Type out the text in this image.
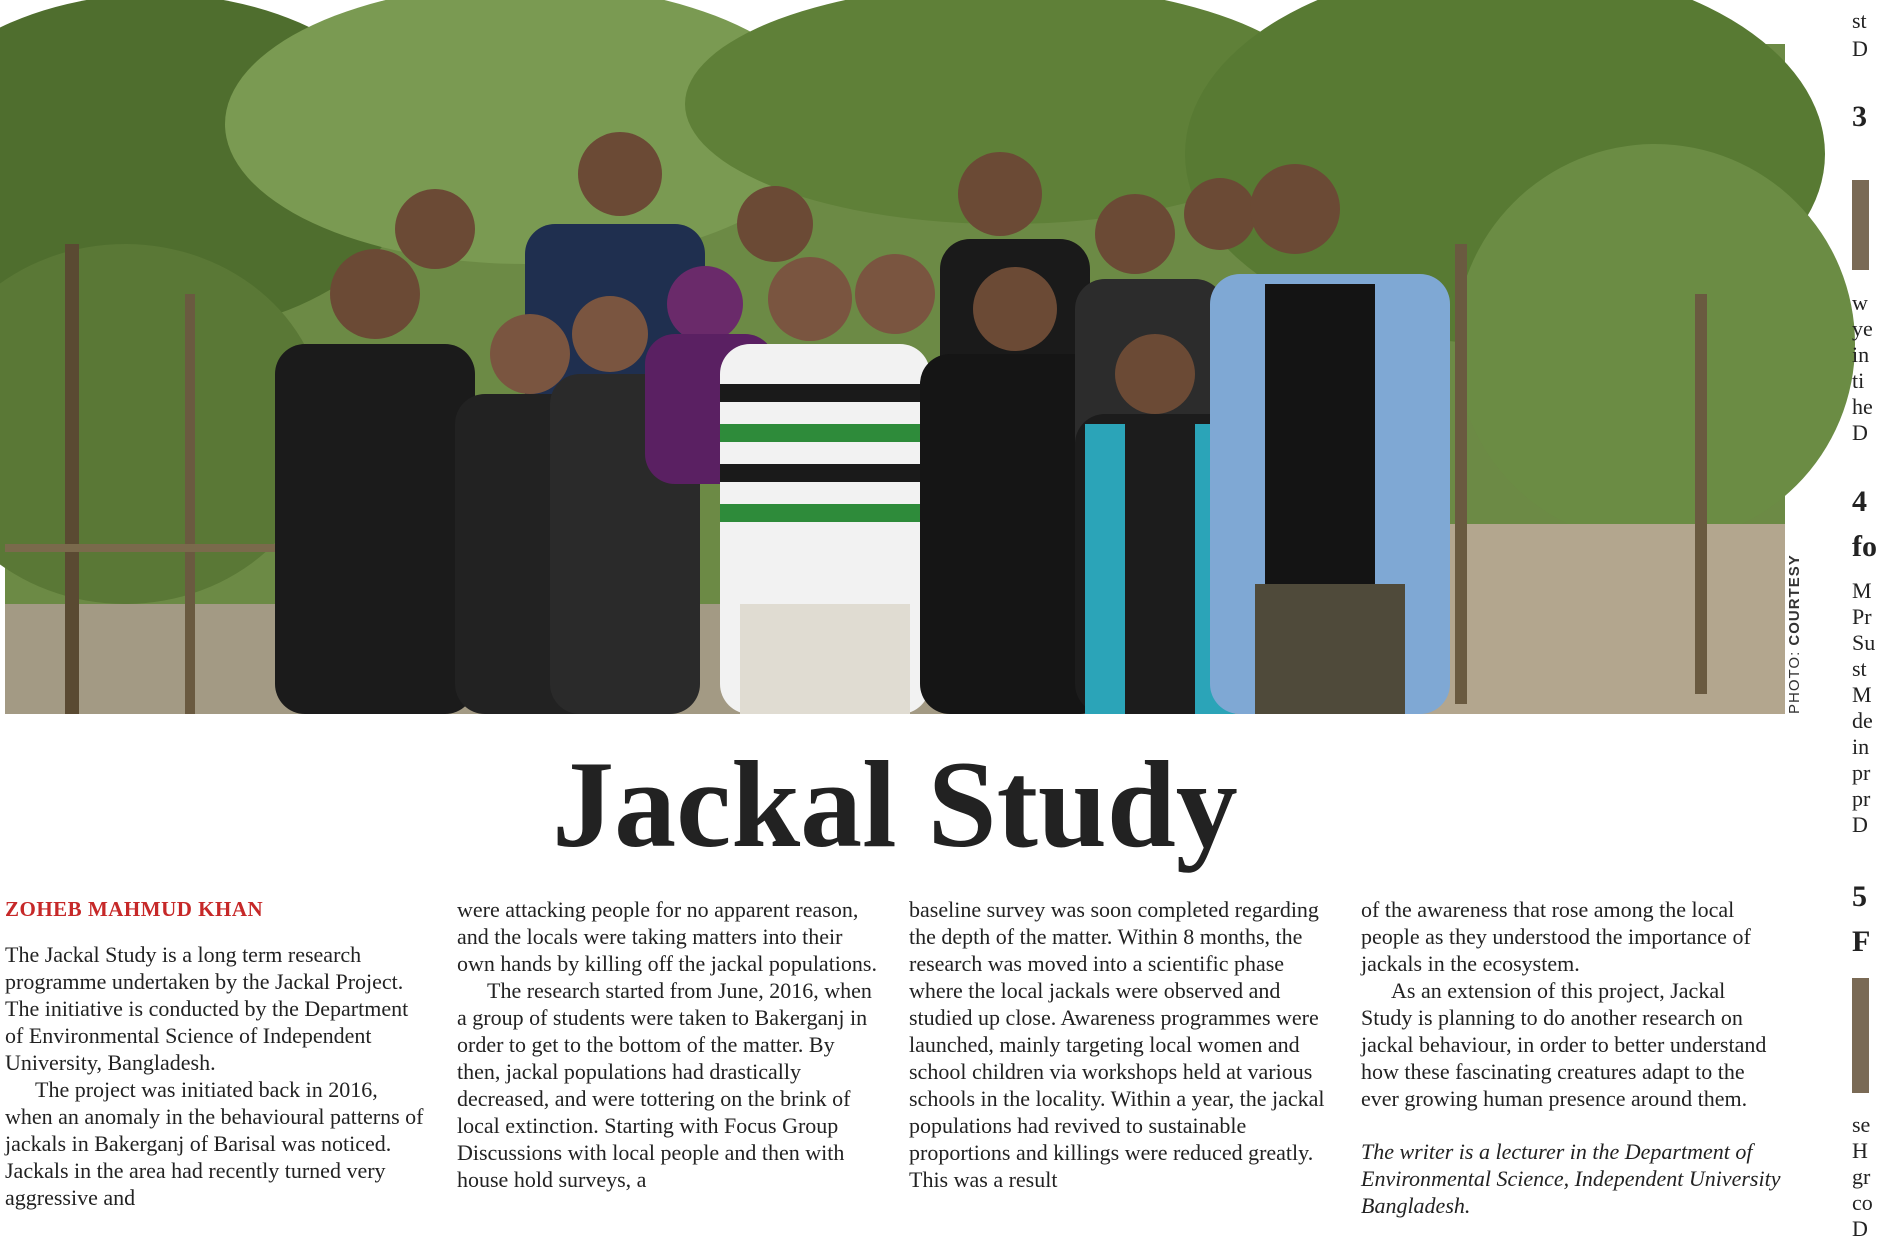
PHOTO: COURTESY
Jackal Study

ZOHEB MAHMUD KHAN

The Jackal Study is a long term research programme undertaken by the Jackal Project. The initiative is conducted by the Department of Environmental Science of Independent University, Bangladesh.

The project was initiated back in 2016, when an anomaly in the behavioural patterns of jackals in Bakerganj of Barisal was noticed. Jackals in the area had recently turned very aggressive and

were attacking people for no apparent reason, and the locals were taking matters into their own hands by killing off the jackal populations.

The research started from June, 2016, when a group of students were taken to Bakerganj in order to get to the bottom of the matter. By then, jackal populations had drastically decreased, and were tottering on the brink of local extinction. Starting with Focus Group Discussions with local people and then with house hold surveys, a

baseline survey was soon completed regarding the depth of the matter. Within 8 months, the research was moved into a scientific phase where the local jackals were observed and studied up close. Awareness programmes were launched, mainly targeting local women and school children via workshops held at various schools in the locality. Within a year, the jackal populations had revived to sustainable proportions and killings were reduced greatly. This was a result

of the awareness that rose among the local people as they understood the importance of jackals in the ecosystem.

As an extension of this project, Jackal Study is planning to do another research on jackal behaviour, in order to better understand how these fascinating creatures adapt to the ever growing human presence around them.

The writer is a lecturer in the Department of Environmental Science, Independent University Bangladesh.

st
D
3
w
ye
in
ti
he
D
4
fo
M
Pr
Su
st
M
de
in
pr
pr
D
5
F
se
H
gr
co
D
